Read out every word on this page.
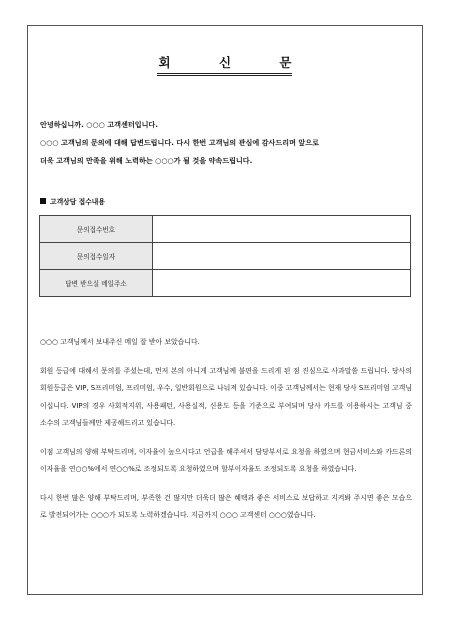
회 신 문
안녕하십니까. ○○○ 고객센터입니다.
○○○ 고객님의 문의에 대해 답변드립니다. 다시 한번 고객님의 관심에 감사드리며 앞으로
더욱 고객님의 만족을 위해 노력하는 ○○○가 될 것을 약속드립니다.
고객상담 접수내용
문의접수번호	
문의접수일자	
답변 받으실 메일주소	

○○○ 고객님께서 보내주신 메일 잘 받아 보았습니다.

회원 등급에 대해서 문의를 주셨는데, 먼저 본의 아니게 고객님께 불편을 드리게 된 점 진심으로 사과말씀 드립니다. 당사의 회원등급은 VIP, S프리미엄, 프리미엄, 우수, 일반회원으로 나눠져 있습니다. 이중 고객님께서는 현재 당사 S프리미엄 고객님이십니다. VIP의 경우 사회적지위, 사용패턴, 사용실적, 신용도 등을 기준으로 부여되며 당사 카드를 이용하시는 고객님 중 소수의 고객님들께만 제공해드리고 있습니다.

이점 고객님의 양해 부탁드리며, 이자율이 높으시다고 언급을 해주셔서 담당부서로 요청을 하였으며 현금서비스와 카드론의 이자율을 연○○%에서 연○○%로 조정되도록 요청하였으며 할부이자율도 조정되도록 요청을 하였습니다.

다시 한번 많은 양해 부탁드리며, 부족한 건 많지만 더욱더 많은 혜택과 좋은 서비스로 보답하고 지켜봐 주시면 좋은 모습으로 발전되어가는 ○○○가 되도록 노력하겠습니다. 지금까지 ○○○ 고객센터 ○○○였습니다.
